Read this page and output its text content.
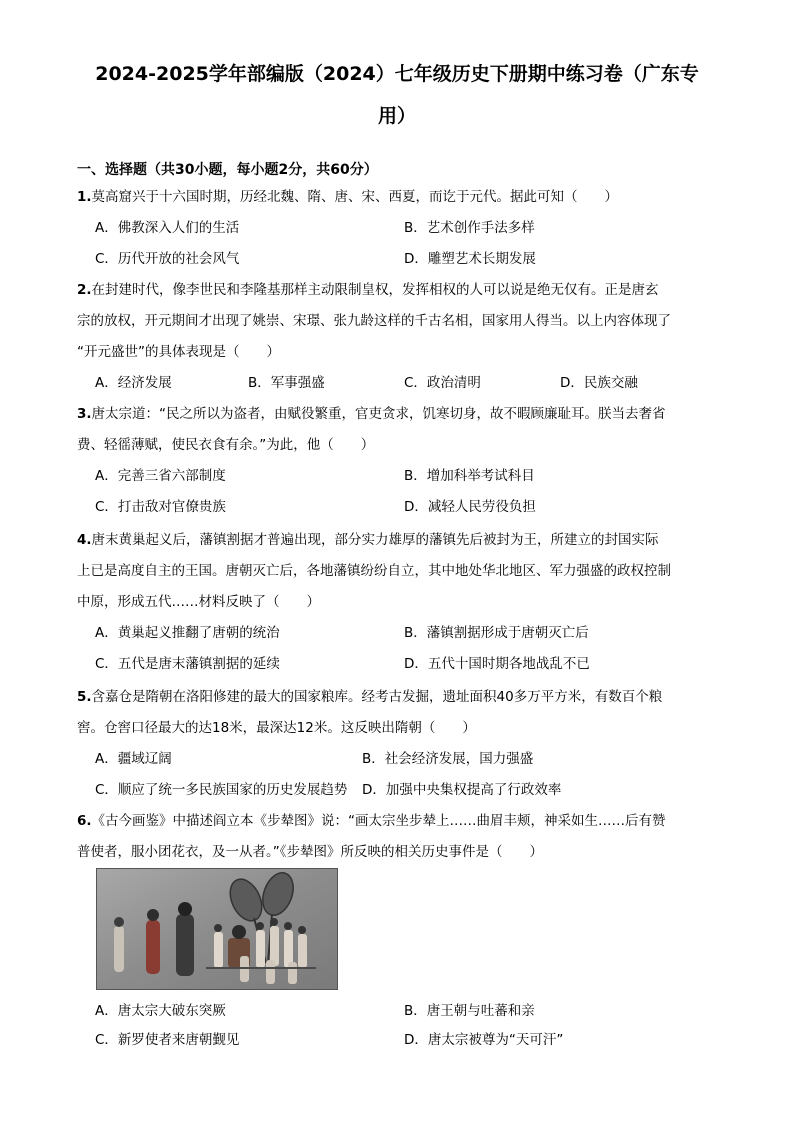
2024-2025学年部编版（2024）七年级历史下册期中练习卷（广东专
用）
一、选择题（共30小题，每小题2分，共60分）
1.莫高窟兴于十六国时期，历经北魏、隋、唐、宋、西夏，而讫于元代。据此可知（　　）
A．佛教深入人们的生活	B．艺术创作手法多样
C．历代开放的社会风气	D．雕塑艺术长期发展
2.在封建时代，像李世民和李隆基那样主动限制皇权，发挥相权的人可以说是绝无仅有。正是唐玄
宗的放权，开元期间才出现了姚崇、宋璟、张九龄这样的千古名相，国家用人得当。以上内容体现了
“开元盛世”的具体表现是（　　）
A．经济发展	B．军事强盛	C．政治清明	D．民族交融
3.唐太宗道：“民之所以为盗者，由赋役繁重，官吏贪求，饥寒切身，故不暇顾廉耻耳。朕当去奢省
费、轻徭薄赋，使民衣食有余。”为此，他（　　）
A．完善三省六部制度	B．增加科举考试科目
C．打击敌对官僚贵族	D．减轻人民劳役负担
4.唐末黄巢起义后，藩镇割据才普遍出现，部分实力雄厚的藩镇先后被封为王，所建立的封国实际
上已是高度自主的王国。唐朝灭亡后，各地藩镇纷纷自立，其中地处华北地区、军力强盛的政权控制
中原，形成五代……材料反映了（　　）
A．黄巢起义推翻了唐朝的统治	B．藩镇割据形成于唐朝灭亡后
C．五代是唐末藩镇割据的延续	D．五代十国时期各地战乱不已
5.含嘉仓是隋朝在洛阳修建的最大的国家粮库。经考古发掘，遗址面积40多万平方米，有数百个粮
窖。仓窖口径最大的达18米，最深达12米。这反映出隋朝（　　）
A．疆域辽阔	B．社会经济发展，国力强盛
C．顺应了统一多民族国家的历史发展趋势 D．加强中央集权提高了行政效率
6.《古今画鉴》中描述阎立本《步辇图》说：“画太宗坐步辇上……曲眉丰颊，神采如生……后有赞
普使者，服小团花衣，及一从者。”《步辇图》所反映的相关历史事件是（　　）
A．唐太宗大破东突厥	B．唐王朝与吐蕃和亲
C．新罗使者来唐朝觐见	D．唐太宗被尊为“天可汗”
